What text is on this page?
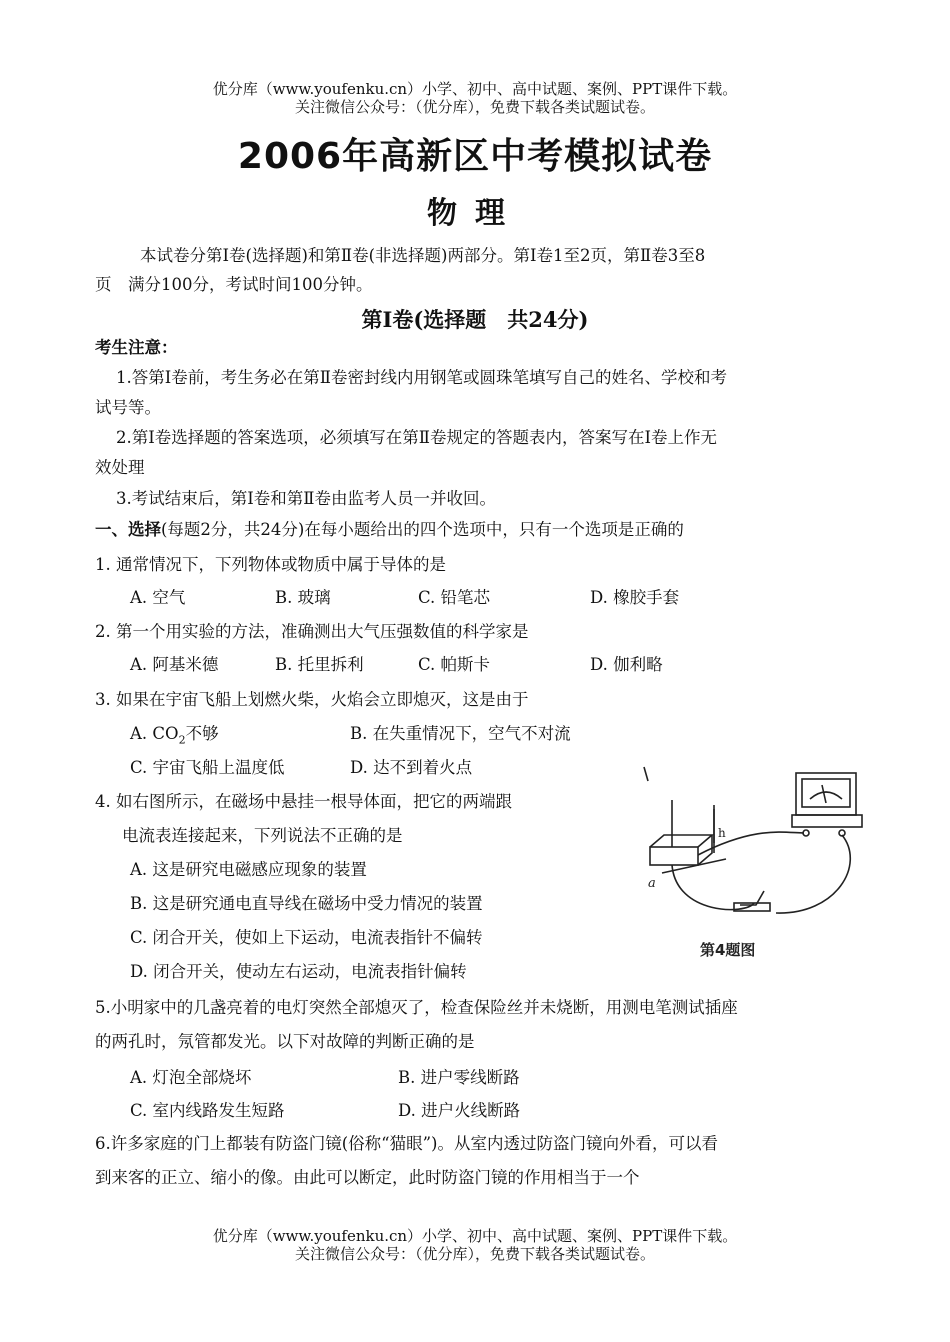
优分库（www.youfenku.cn）小学、初中、高中试题、案例、PPT课件下载。
关注微信公众号：（优分库），免费下载各类试题试卷。
2006年高新区中考模拟试卷
物理
本试卷分第Ⅰ卷(选择题)和第Ⅱ卷(非选择题)两部分。第Ⅰ卷1至2页，第Ⅱ卷3至8
页　满分100分，考试时间100分钟。
第Ⅰ卷(选择题　共24分)
考生注意：
1.答第Ⅰ卷前，考生务必在第Ⅱ卷密封线内用钢笔或圆珠笔填写自己的姓名、学校和考
试号等。
2.第Ⅰ卷选择题的答案选项，必须填写在第Ⅱ卷规定的答题表内，答案写在Ⅰ卷上作无
效处理
3.考试结束后，第Ⅰ卷和第Ⅱ卷由监考人员一并收回。
一、选择(每题2分，共24分)在每小题给出的四个选项中，只有一个选项是正确的
1. 通常情况下，下列物体或物质中属于导体的是
A. 空气	B. 玻璃	C. 铅笔芯	D. 橡胶手套
2. 第一个用实验的方法，准确测出大气压强数值的科学家是
A. 阿基米德	B. 托里拆利	C. 帕斯卡	D. 伽利略
3. 如果在宇宙飞船上划燃火柴，火焰会立即熄灭，这是由于
A. $CO_2$不够	B. 在失重情况下，空气不对流
C. 宇宙飞船上温度低	D. 达不到着火点
4. 如右图所示，在磁场中悬挂一根导体面，把它的两端跟
电流表连接起来，下列说法不正确的是
A. 这是研究电磁感应现象的装置
B. 这是研究通电直导线在磁场中受力情况的装置
C. 闭合开关，使如上下运动，电流表指针不偏转
D. 闭合开关，使动左右运动，电流表指针偏转
a
h
第4题图
5.小明家中的几盏亮着的电灯突然全部熄灭了，检查保险丝并未烧断，用测电笔测试插座
的两孔时，氖管都发光。以下对故障的判断正确的是
A. 灯泡全部烧坏	B. 进户零线断路
C. 室内线路发生短路	D. 进户火线断路
6.许多家庭的门上都装有防盗门镜(俗称“猫眼”)。从室内透过防盗门镜向外看，可以看
到来客的正立、缩小的像。由此可以断定，此时防盗门镜的作用相当于一个
优分库（www.youfenku.cn）小学、初中、高中试题、案例、PPT课件下载。
关注微信公众号：（优分库），免费下载各类试题试卷。
